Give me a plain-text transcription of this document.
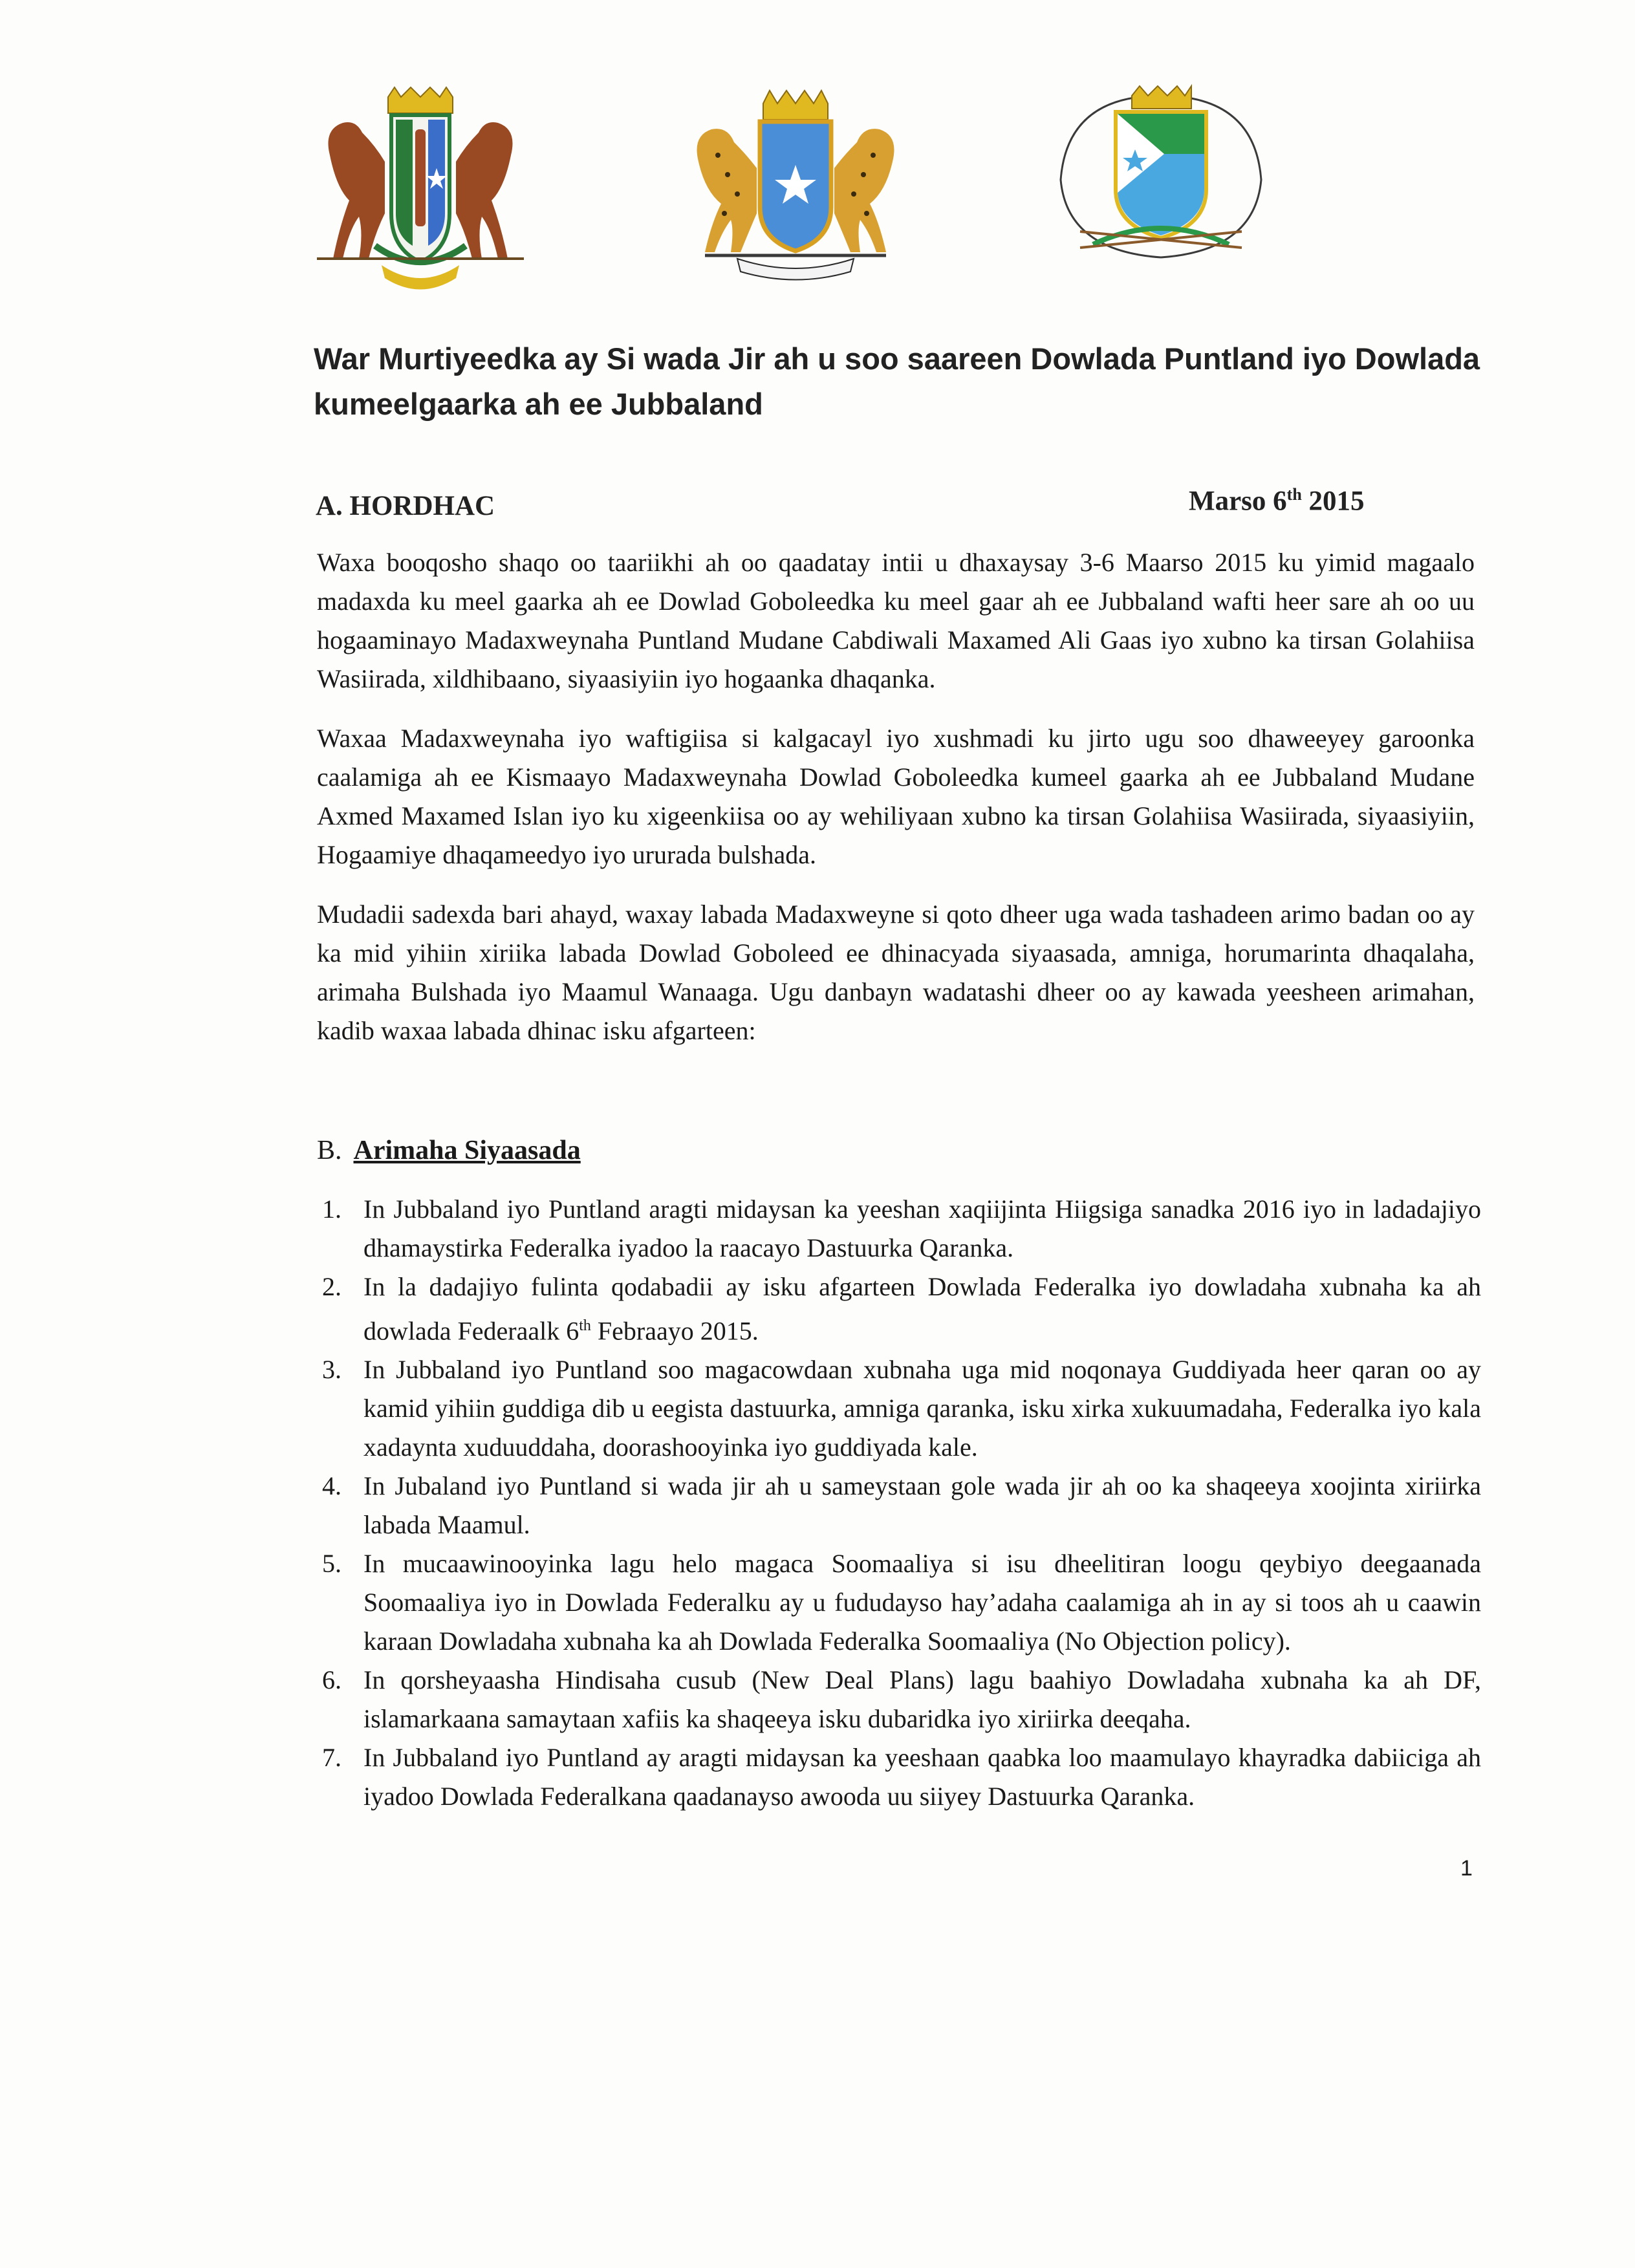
War Murtiyeedka ay Si wada Jir ah u soo saareen Dowlada Puntland iyo Dowlada kumeelgaarka ah ee Jubbaland
A. HORDHAC	Marso 6th 2015

Waxa booqosho shaqo oo taariikhi ah oo qaadatay intii u dhaxaysay 3-6 Maarso 2015 ku yimid magaalo madaxda ku meel gaarka ah ee Dowlad Goboleedka ku meel gaar ah ee Jubbaland wafti heer sare ah oo uu hogaaminayo Madaxweynaha Puntland Mudane Cabdiwali Maxamed Ali Gaas iyo xubno ka tirsan Golahiisa Wasiirada, xildhibaano, siyaasiyiin iyo hogaanka dhaqanka.

Waxaa Madaxweynaha iyo waftigiisa si kalgacayl iyo xushmadi ku jirto ugu soo dhaweeyey garoonka caalamiga ah ee Kismaayo Madaxweynaha Dowlad Goboleedka kumeel gaarka ah ee Jubbaland Mudane Axmed Maxamed Islan iyo ku xigeenkiisa oo ay wehiliyaan xubno ka tirsan Golahiisa Wasiirada, siyaasiyiin, Hogaamiye dhaqameedyo iyo ururada bulshada.

Mudadii sadexda bari ahayd, waxay labada Madaxweyne si qoto dheer uga wada tashadeen arimo badan oo ay ka mid yihiin xiriika labada Dowlad Goboleed ee dhinacyada siyaasada, amniga, horumarinta dhaqalaha, arimaha Bulshada iyo Maamul Wanaaga. Ugu danbayn wadatashi dheer oo ay kawada yeesheen arimahan, kadib waxaa labada dhinac isku afgarteen:

B. Arimaha Siyaasada
1. In Jubbaland iyo Puntland aragti midaysan ka yeeshan xaqiijinta Hiigsiga sanadka 2016 iyo in ladadajiyo dhamaystirka Federalka iyadoo la raacayo Dastuurka Qaranka.
2. In la dadajiyo fulinta qodabadii ay isku afgarteen Dowlada Federalka iyo dowladaha xubnaha ka ah dowlada Federaalk 6th Febraayo 2015.
3. In Jubbaland iyo Puntland soo magacowdaan xubnaha uga mid noqonaya Guddiyada heer qaran oo ay kamid yihiin guddiga dib u eegista dastuurka, amniga qaranka, isku xirka xukuumadaha, Federalka iyo kala xadaynta xuduuddaha, doorashooyinka iyo guddiyada kale.
4. In Jubaland iyo Puntland si wada jir ah u sameystaan gole wada jir ah oo ka shaqeeya xoojinta xiriirka labada Maamul.
5. In mucaawinooyinka lagu helo magaca Soomaaliya si isu dheelitiran loogu qeybiyo deegaanada Soomaaliya iyo in Dowlada Federalku ay u fududayso hay’adaha caalamiga ah in ay si toos ah u caawin karaan Dowladaha xubnaha ka ah Dowlada Federalka Soomaaliya (No Objection policy).
6. In qorsheyaasha Hindisaha cusub (New Deal Plans) lagu baahiyo Dowladaha xubnaha ka ah DF, islamarkaana samaytaan xafiis ka shaqeeya isku dubaridka iyo xiriirka deeqaha.
7. In Jubbaland iyo Puntland ay aragti midaysan ka yeeshaan qaabka loo maamulayo khayradka dabiiciga ah iyadoo Dowlada Federalkana qaadanayso awooda uu siiyey Dastuurka Qaranka.
1
